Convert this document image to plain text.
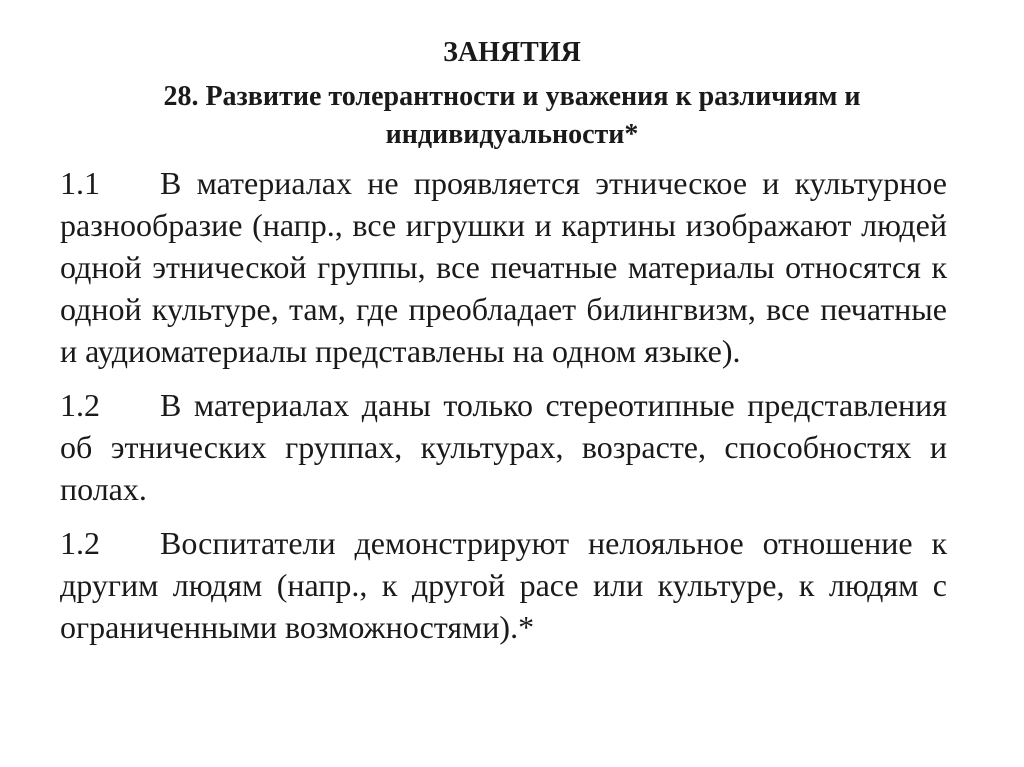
ЗАНЯТИЯ
28. Развитие толерантности и уважения к различиям и индивидуальности*

1.1 В материалах не проявляется этническое и культурное разнообразие (напр., все игрушки и картины изображают людей одной этнической группы, все печатные материалы относятся к одной культуре, там, где преобладает билингвизм, все печатные и аудиоматериалы представлены на одном языке).

1.2 В материалах даны только стереотипные представления об этнических группах, культурах, возрасте, способностях и полах.

1.2 Воспитатели демонстрируют нелояльное отношение к другим людям (напр., к другой расе или культуре, к людям с ограниченными возможностями).*
